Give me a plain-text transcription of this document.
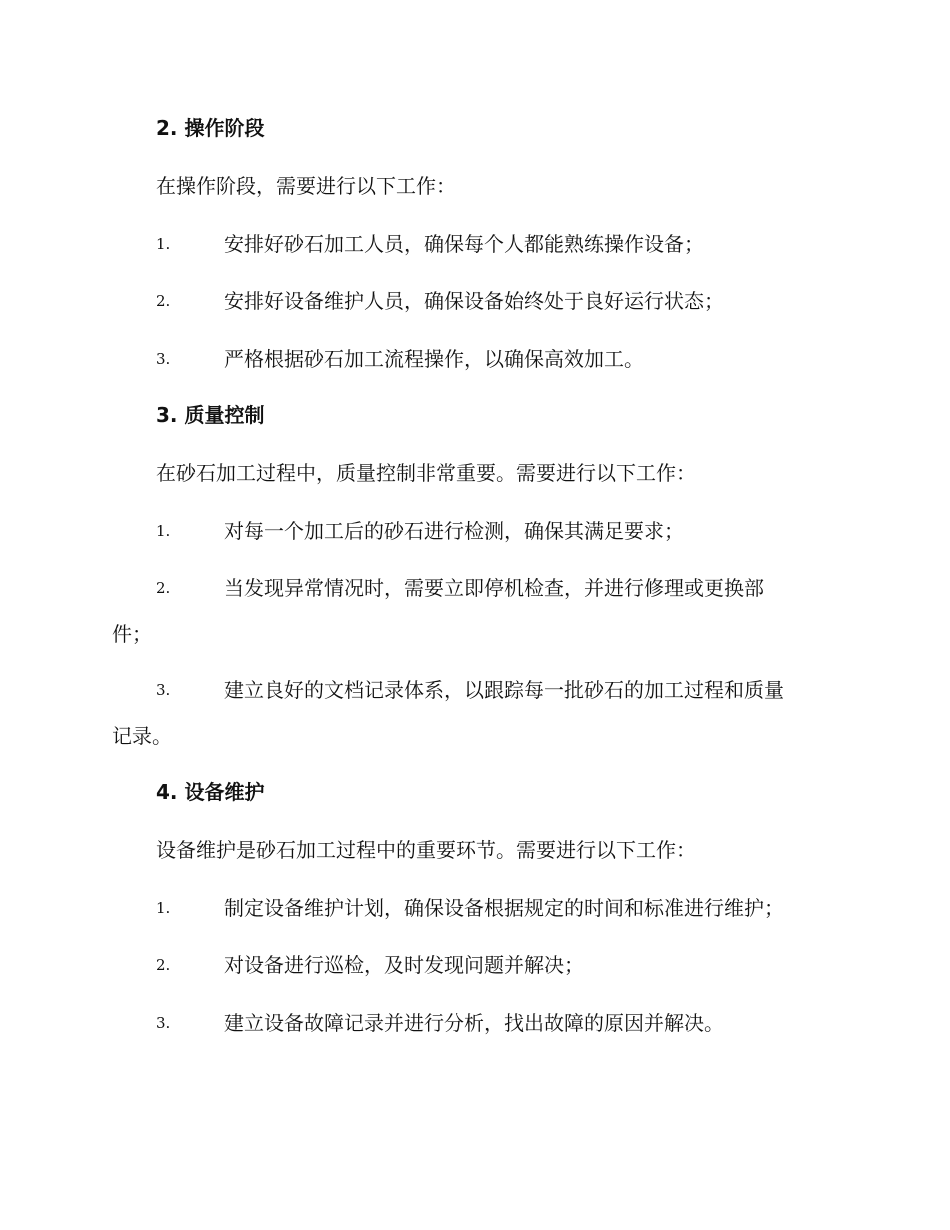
2. 操作阶段
在操作阶段，需要进行以下工作：
1.	安排好砂石加工人员，确保每个人都能熟练操作设备；
2.	安排好设备维护人员，确保设备始终处于良好运行状态；
3.	严格根据砂石加工流程操作，以确保高效加工。
3. 质量控制
在砂石加工过程中，质量控制非常重要。需要进行以下工作：
1.	对每一个加工后的砂石进行检测，确保其满足要求；
2.	当发现异常情况时，需要立即停机检查，并进行修理或更换部
件；
3.	建立良好的文档记录体系，以跟踪每一批砂石的加工过程和质量
记录。
4. 设备维护
设备维护是砂石加工过程中的重要环节。需要进行以下工作：
1.	制定设备维护计划，确保设备根据规定的时间和标准进行维护；
2.	对设备进行巡检，及时发现问题并解决；
3.	建立设备故障记录并进行分析，找出故障的原因并解决。
